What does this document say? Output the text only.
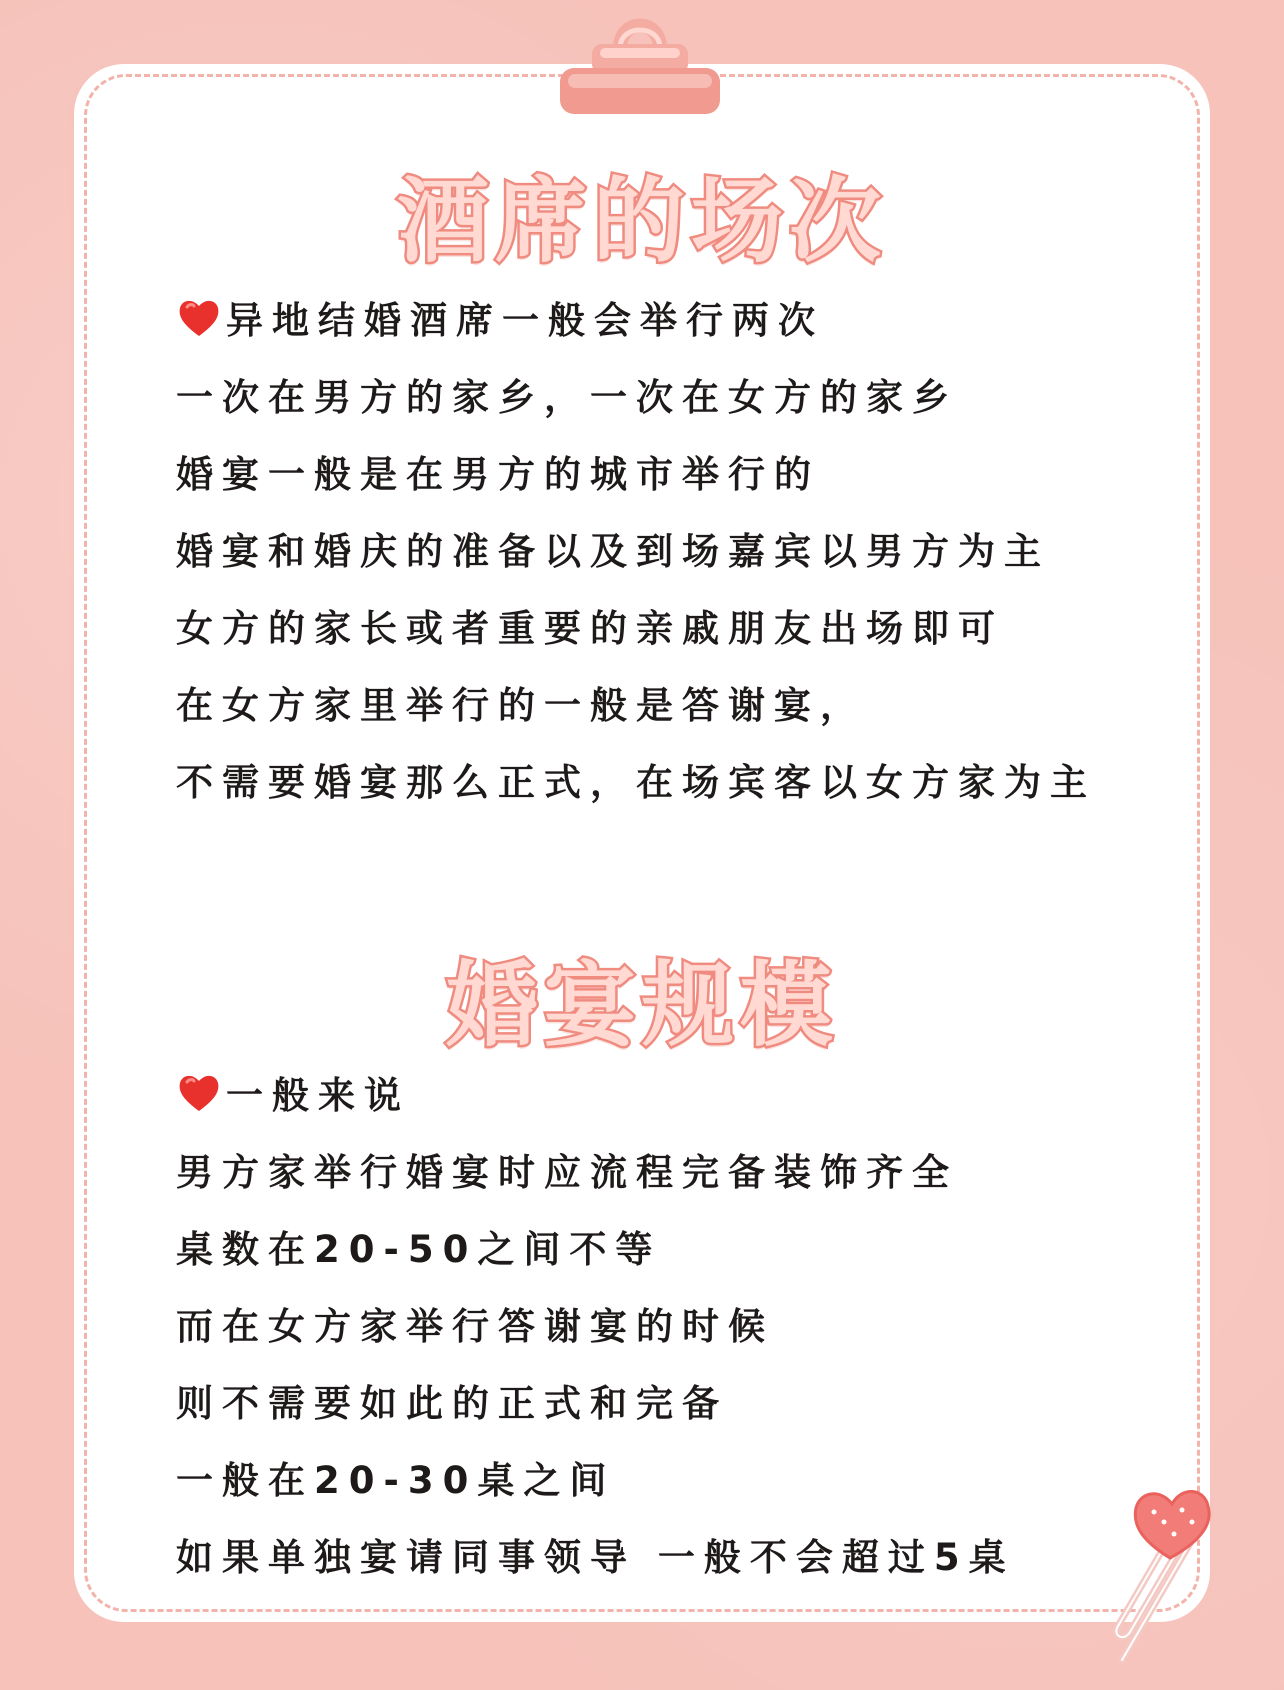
酒席的场次
异地结婚酒席一般会举行两次
一次在男方的家乡，一次在女方的家乡
婚宴一般是在男方的城市举行的
婚宴和婚庆的准备以及到场嘉宾以男方为主
女方的家长或者重要的亲戚朋友出场即可
在女方家里举行的一般是答谢宴，
不需要婚宴那么正式，在场宾客以女方家为主
婚宴规模
一般来说
男方家举行婚宴时应流程完备装饰齐全
桌数在20-50之间不等
而在女方家举行答谢宴的时候
则不需要如此的正式和完备
一般在20-30桌之间
如果单独宴请同事领导 一般不会超过5桌
